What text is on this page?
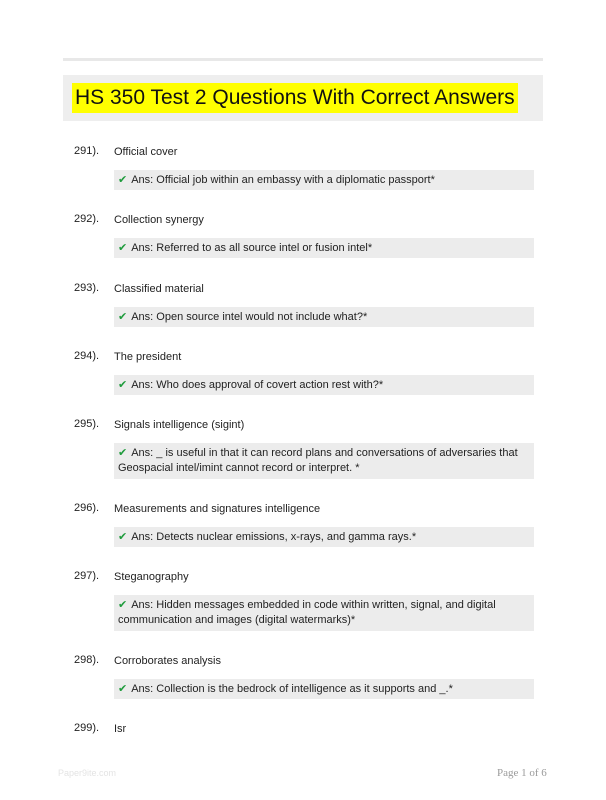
HS 350 Test 2 Questions With Correct Answers
291). Official cover
✔ Ans: Official job within an embassy with a diplomatic passport*
292). Collection synergy
✔ Ans: Referred to as all source intel or fusion intel*
293). Classified material
✔ Ans: Open source intel would not include what?*
294). The president
✔ Ans: Who does approval of covert action rest with?*
295). Signals intelligence (sigint)
✔ Ans: _ is useful in that it can record plans and conversations of adversaries that Geospacial intel/imint cannot record or interpret. *
296). Measurements and signatures intelligence
✔ Ans: Detects nuclear emissions, x-rays, and gamma rays.*
297). Steganography
✔ Ans: Hidden messages embedded in code within written, signal, and digital communication and images (digital watermarks)*
298). Corroborates analysis
✔ Ans: Collection is the bedrock of intelligence as it supports and _.*
299). Isr
Paper9ite.com	Page 1 of 6
